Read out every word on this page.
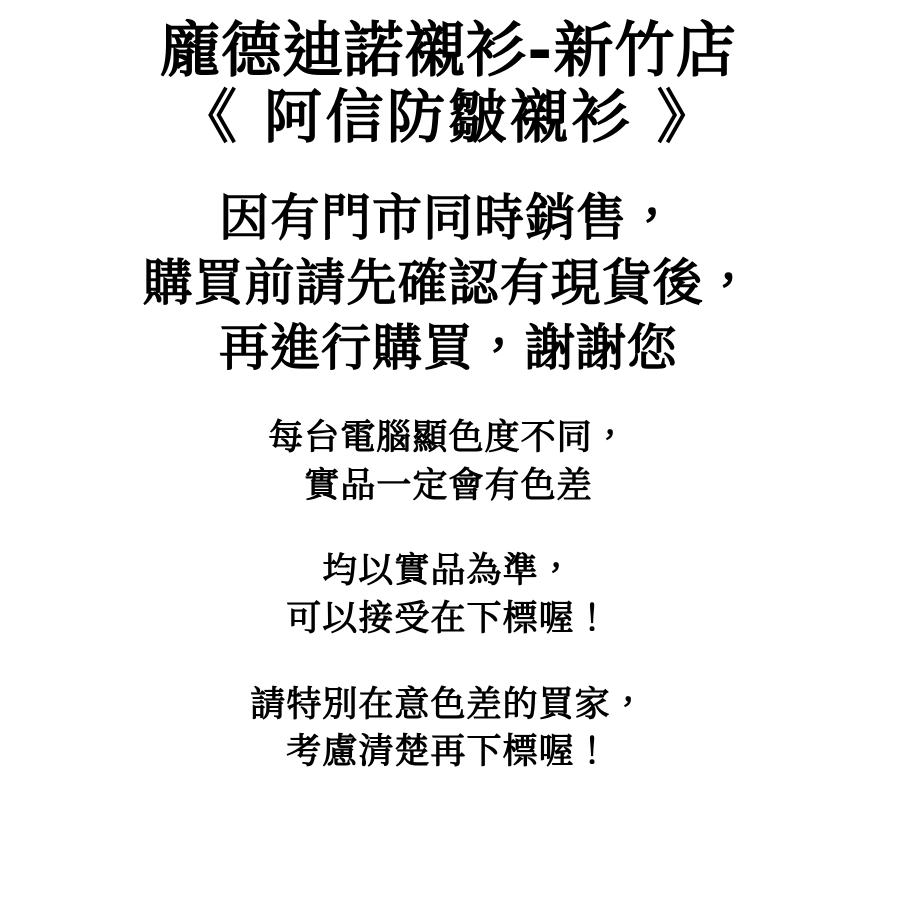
龐德迪諾襯衫-新竹店
《 阿信防皺襯衫 》
因有門市同時銷售，
購買前請先確認有現貨後，
再進行購買，謝謝您
每台電腦顯色度不同，
實品一定會有色差
均以實品為準，
可以接受在下標喔！
請特別在意色差的買家，
考慮清楚再下標喔！
